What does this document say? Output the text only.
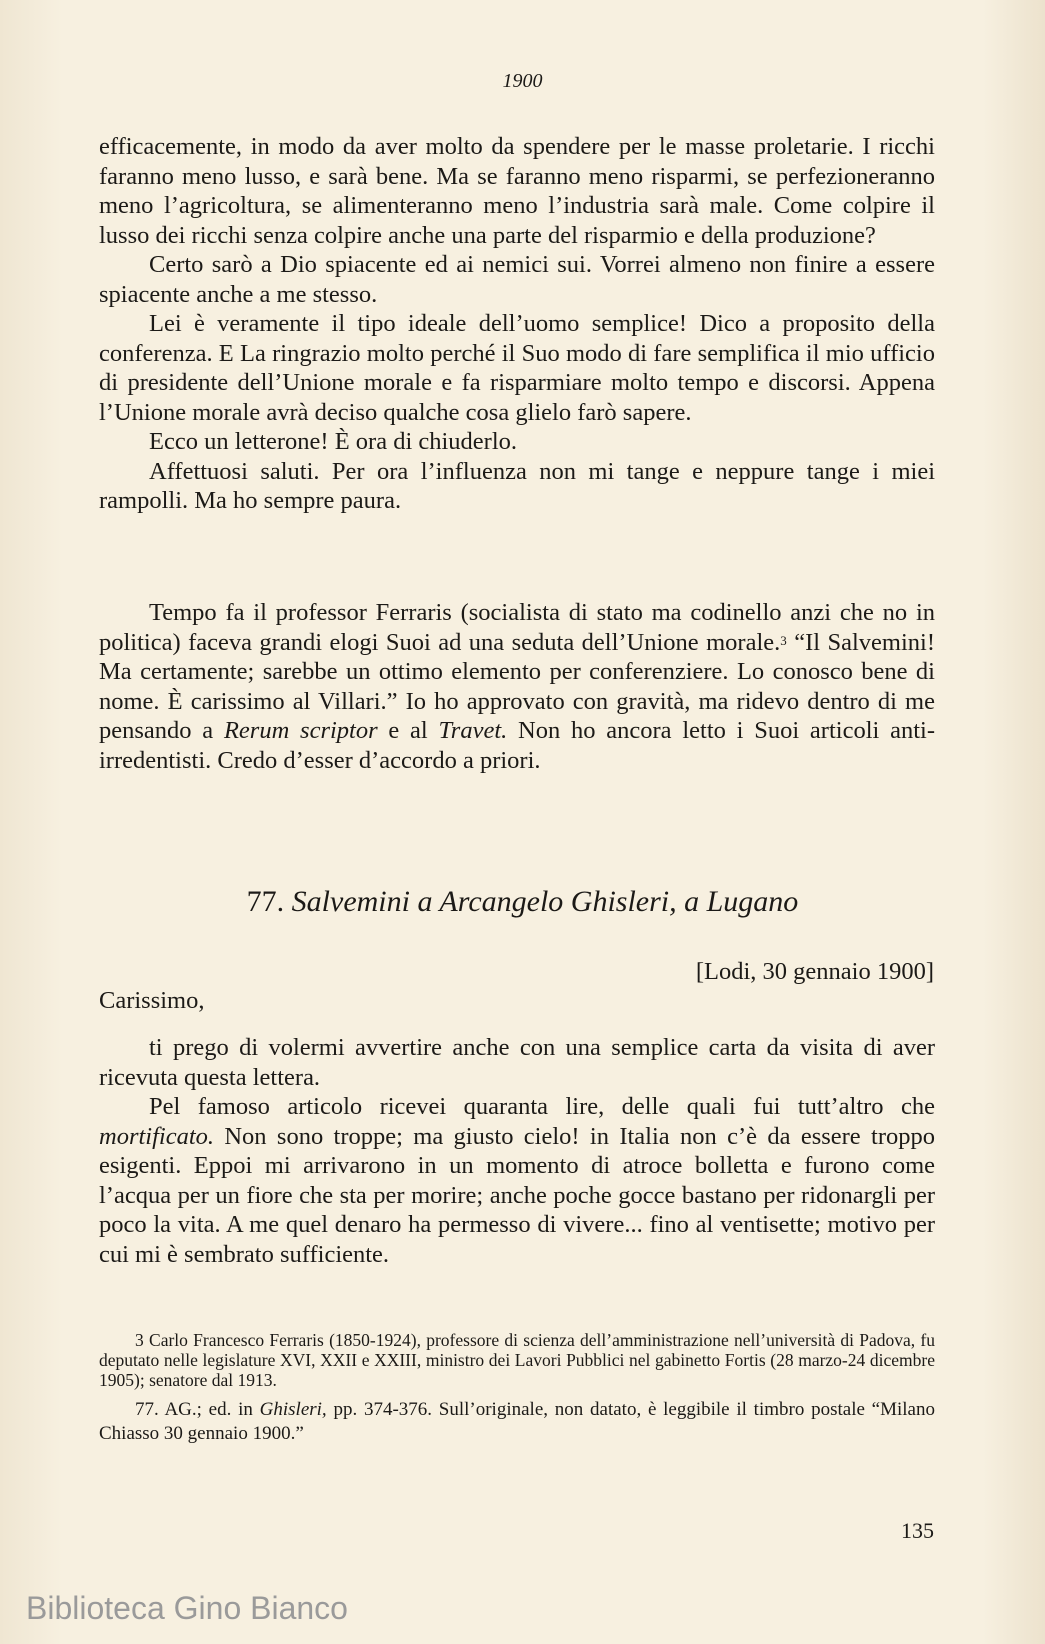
1900

efficacemente, in modo da aver molto da spendere per le masse proletarie. I ricchi faranno meno lusso, e sarà bene. Ma se faranno meno risparmi, se perfezioneranno meno l’agricoltura, se alimenteranno meno l’industria sarà male. Come colpire il lusso dei ricchi senza colpire anche una parte del risparmio e della produzione?

Certo sarò a Dio spiacente ed ai nemici sui. Vorrei almeno non finire a essere spiacente anche a me stesso.

Lei è veramente il tipo ideale dell’uomo semplice! Dico a proposito della conferenza. E La ringrazio molto perché il Suo modo di fare semplifica il mio ufficio di presidente dell’Unione morale e fa risparmiare molto tempo e discorsi. Appena l’Unione morale avrà deciso qualche cosa glielo farò sapere.

Ecco un letterone! È ora di chiuderlo.

Affettuosi saluti. Per ora l’influenza non mi tange e neppure tange i miei rampolli. Ma ho sempre paura.

Tempo fa il professor Ferraris (socialista di stato ma codinello anzi che no in politica) faceva grandi elogi Suoi ad una seduta dell’Unione morale.$^3$ “Il Salvemini! Ma certamente; sarebbe un ottimo elemento per conferenziere. Lo conosco bene di nome. È carissimo al Villari.” Io ho approvato con gravità, ma ridevo dentro di me pensando a Rerum scriptor e al Travet. Non ho ancora letto i Suoi articoli anti-irredentisti. Credo d’esser d’accordo a priori.

77. Salvemini a Arcangelo Ghisleri, a Lugano
[Lodi, 30 gennaio 1900]
Carissimo,

ti prego di volermi avvertire anche con una semplice carta da visita di aver ricevuta questa lettera.

Pel famoso articolo ricevei quaranta lire, delle quali fui tutt’altro che mortificato. Non sono troppe; ma giusto cielo! in Italia non c’è da essere troppo esigenti. Eppoi mi arrivarono in un momento di atroce bolletta e furono come l’acqua per un fiore che sta per morire; anche poche gocce bastano per ridonargli per poco la vita. A me quel denaro ha permesso di vivere... fino al ventisette; motivo per cui mi è sembrato sufficiente.

3 Carlo Francesco Ferraris (1850-1924), professore di scienza dell’amministrazione nell’università di Padova, fu deputato nelle legislature XVI, XXII e XXIII, ministro dei Lavori Pubblici nel gabinetto Fortis (28 marzo-24 dicembre 1905); senatore dal 1913.

77. AG.; ed. in Ghisleri, pp. 374-376. Sull’originale, non datato, è leggibile il timbro postale “Milano Chiasso 30 gennaio 1900.”

135
Biblioteca Gino Bianco
